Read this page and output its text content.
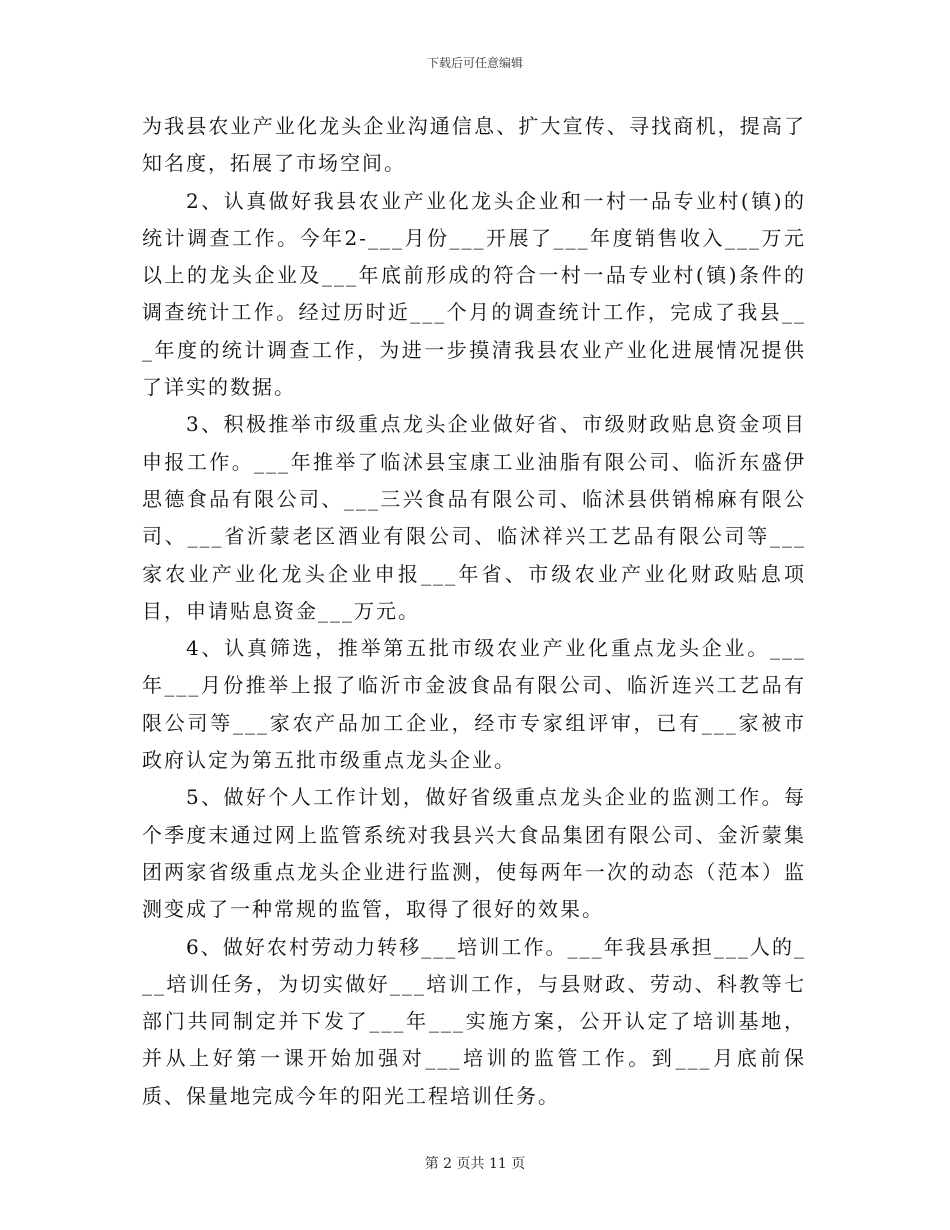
下载后可任意编辑

为我县农业产业化龙头企业沟通信息、扩大宣传、寻找商机，提高了知名度，拓展了市场空间。

2、认真做好我县农业产业化龙头企业和一村一品专业村(镇)的统计调查工作。今年2-___月份___开展了___年度销售收入___万元以上的龙头企业及___年底前形成的符合一村一品专业村(镇)条件的调查统计工作。经过历时近___个月的调查统计工作，完成了我县___年度的统计调查工作，为进一步摸清我县农业产业化进展情况提供了详实的数据。

3、积极推举市级重点龙头企业做好省、市级财政贴息资金项目申报工作。___年推举了临沭县宝康工业油脂有限公司、临沂东盛伊思德食品有限公司、___三兴食品有限公司、临沭县供销棉麻有限公司、___省沂蒙老区酒业有限公司、临沭祥兴工艺品有限公司等___家农业产业化龙头企业申报___年省、市级农业产业化财政贴息项目，申请贴息资金___万元。

4、认真筛选，推举第五批市级农业产业化重点龙头企业。___年___月份推举上报了临沂市金波食品有限公司、临沂连兴工艺品有限公司等___家农产品加工企业，经市专家组评审，已有___家被市政府认定为第五批市级重点龙头企业。

5、做好个人工作计划，做好省级重点龙头企业的监测工作。每个季度末通过网上监管系统对我县兴大食品集团有限公司、金沂蒙集团两家省级重点龙头企业进行监测，使每两年一次的动态（范本）监测变成了一种常规的监管，取得了很好的效果。

6、做好农村劳动力转移___培训工作。___年我县承担___人的___培训任务，为切实做好___培训工作，与县财政、劳动、科教等七部门共同制定并下发了___年___实施方案，公开认定了培训基地，并从上好第一课开始加强对___培训的监管工作。到___月底前保质、保量地完成今年的阳光工程培训任务。

第 2 页共 11 页
